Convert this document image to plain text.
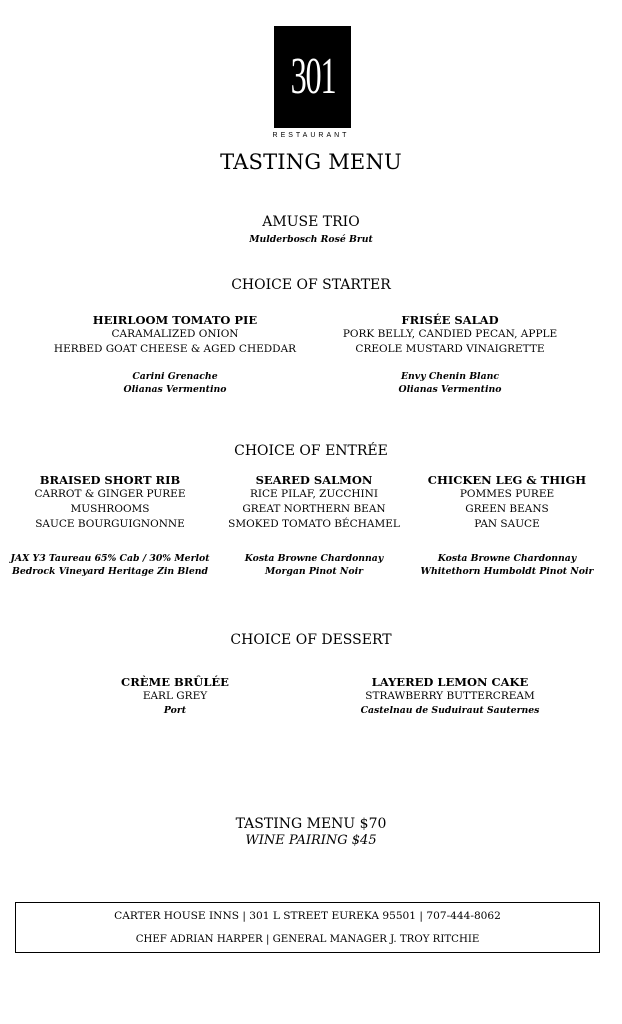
301
RESTAURANT
TASTING MENU
AMUSE TRIO
Mulderbosch Rosé Brut
CHOICE OF STARTER
HEIRLOOM TOMATO PIE
CARAMALIZED ONION
HERBED GOAT CHEESE & AGED CHEDDAR
Carini Grenache
Olianas Vermentino
FRISÉE SALAD
PORK BELLY, CANDIED PECAN, APPLE
CREOLE MUSTARD VINAIGRETTE
Envy Chenin Blanc
Olianas Vermentino
CHOICE OF ENTRÉE
BRAISED SHORT RIB
CARROT & GINGER PUREE
MUSHROOMS
SAUCE BOURGUIGNONNE
JAX Y3 Taureau 65% Cab / 30% Merlot
Bedrock Vineyard Heritage Zin Blend
SEARED SALMON
RICE PILAF, ZUCCHINI
GREAT NORTHERN BEAN
SMOKED TOMATO BÉCHAMEL
Kosta Browne Chardonnay
Morgan Pinot Noir
CHICKEN LEG & THIGH
POMMES PUREE
GREEN BEANS
PAN SAUCE
Kosta Browne Chardonnay
Whitethorn Humboldt Pinot Noir
CHOICE OF DESSERT
CRÈME BRÛLÉE
EARL GREY
Port
LAYERED LEMON CAKE
STRAWBERRY BUTTERCREAM
Castelnau de Suduiraut Sauternes
TASTING MENU $70
WINE PAIRING $45
CARTER HOUSE INNS | 301 L STREET EUREKA 95501 | 707-444-8062
CHEF ADRIAN HARPER | GENERAL MANAGER J. TROY RITCHIE
